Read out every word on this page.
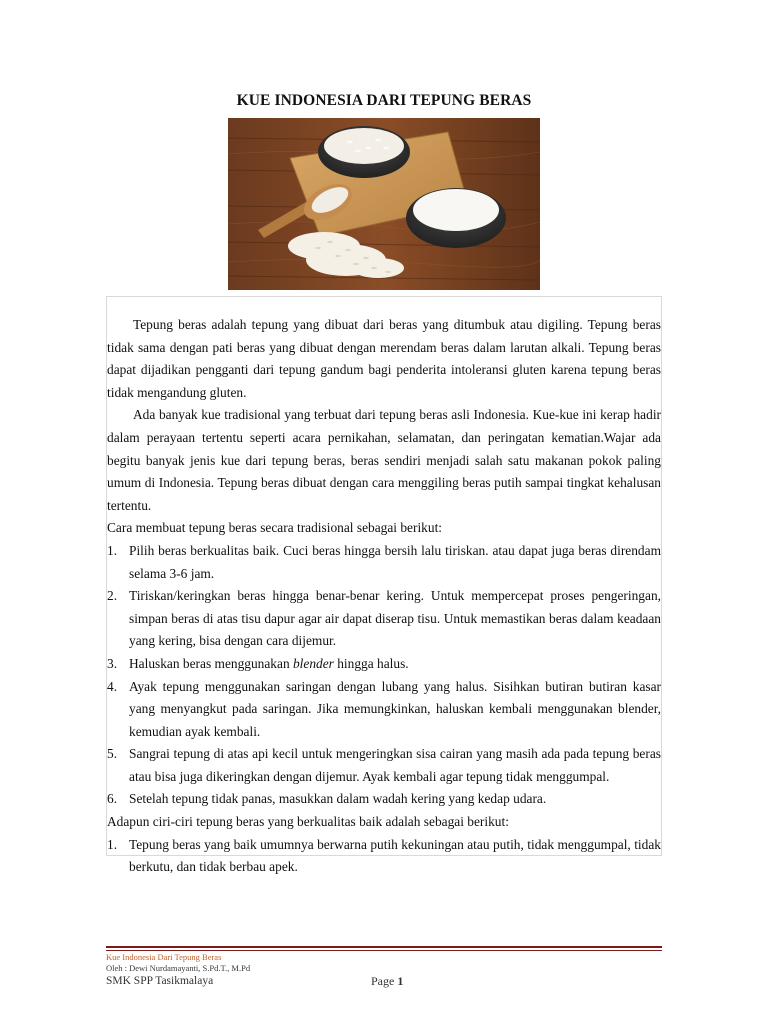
KUE INDONESIA DARI TEPUNG BERAS

Tepung beras adalah tepung yang dibuat dari beras yang ditumbuk atau digiling. Tepung beras tidak sama dengan pati beras yang dibuat dengan merendam beras dalam larutan alkali. Tepung beras dapat dijadikan pengganti dari tepung gandum bagi penderita intoleransi gluten karena tepung beras tidak mengandung gluten.

Ada banyak kue tradisional yang terbuat dari tepung beras asli Indonesia. Kue-kue ini kerap hadir dalam perayaan tertentu seperti acara pernikahan, selamatan, dan peringatan kematian.Wajar ada begitu banyak jenis kue dari tepung beras, beras sendiri menjadi salah satu makanan pokok paling umum di Indonesia. Tepung beras dibuat dengan cara menggiling beras putih sampai tingkat kehalusan tertentu.

Cara membuat tepung beras secara tradisional sebagai berikut:

1. Pilih beras berkualitas baik. Cuci beras hingga bersih lalu tiriskan. atau dapat juga beras direndam selama 3-6 jam.
2. Tiriskan/keringkan beras hingga benar-benar kering. Untuk mempercepat proses pengeringan, simpan beras di atas tisu dapur agar air dapat diserap tisu. Untuk memastikan beras dalam keadaan yang kering, bisa dengan cara dijemur.
3. Haluskan beras menggunakan blender hingga halus.
4. Ayak tepung menggunakan saringan dengan lubang yang halus. Sisihkan butiran butiran kasar yang menyangkut pada saringan. Jika memungkinkan, haluskan kembali menggunakan blender, kemudian ayak kembali.
5. Sangrai tepung di atas api kecil untuk mengeringkan sisa cairan yang masih ada pada tepung beras atau bisa juga dikeringkan dengan dijemur. Ayak kembali agar tepung tidak menggumpal.
6. Setelah tepung tidak panas, masukkan dalam wadah kering yang kedap udara.

Adapun ciri-ciri tepung beras yang berkualitas baik adalah sebagai berikut:

1. Tepung beras yang baik umumnya berwarna putih kekuningan atau putih, tidak menggumpal, tidak berkutu, dan tidak berbau apek.
Kue Indonesia Dari Tepung Beras
Oleh : Dewi Nurdamayanti, S.Pd.T., M.Pd
SMK SPP Tasikmalaya	Page 1
